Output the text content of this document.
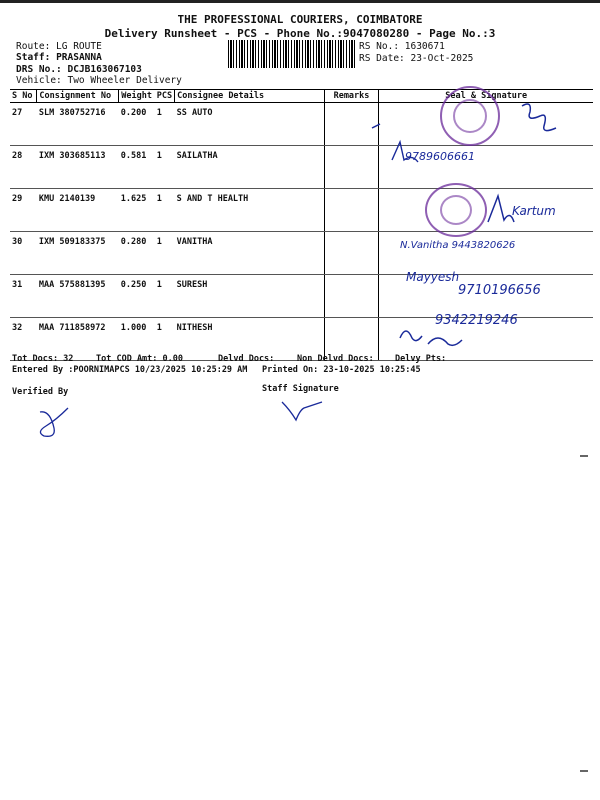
THE PROFESSIONAL COURIERS, COIMBATORE
Delivery Runsheet - PCS - Phone No.:9047080280 - Page No.:3
Route: LG ROUTE
Staff: PRASANNA
DRS No.: DCJB163067103
Vehicle: Two Wheeler Delivery
RS No.: 1630671
RS Date: 23-Oct-2025
S No	Consignment No	Weight	PCS	Consignee Details	Remarks	Seal & Signature
27	SLM 380752716	0.200	1	SS AUTO		
28	IXM 303685113	0.581	1	SAILATHA		
29	KMU 2140139	1.625	1	S AND T HEALTH		
30	IXM 509183375	0.280	1	VANITHA		
31	MAA 575881395	0.250	1	SURESH		
32	MAA 711858972	1.000	1	NITHESH		
9789606661
Kartum
N.Vanitha 9443820626
Mayyesh
9710196656
9342219246
Tot Docs: 32	Tot COD Amt: 0.00	Delvd Docs:	Non Delvd Docs: Delvy Pts:
Entered By :POORNIMAPCS 10/23/2025 10:25:29 AM Printed On: 23-10-2025 10:25:45
Verified By	Staff Signature
